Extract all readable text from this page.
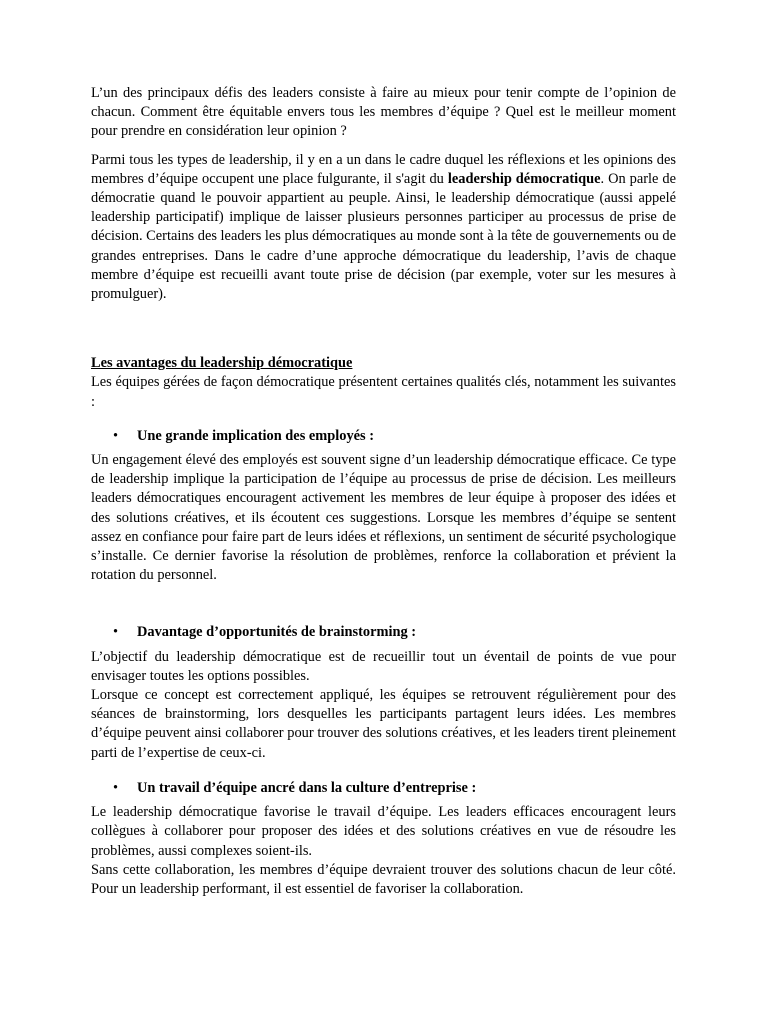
L’un des principaux défis des leaders consiste à faire au mieux pour tenir compte de l’opinion de chacun. Comment être équitable envers tous les membres d’équipe ? Quel est le meilleur moment pour prendre en considération leur opinion ?

Parmi tous les types de leadership, il y en a un dans le cadre duquel les réflexions et les opinions des membres d’équipe occupent une place fulgurante, il s'agit du leadership démocratique. On parle de démocratie quand le pouvoir appartient au peuple. Ainsi, le leadership démocratique (aussi appelé leadership participatif) implique de laisser plusieurs personnes participer au processus de prise de décision. Certains des leaders les plus démocratiques au monde sont à la tête de gouvernements ou de grandes entreprises. Dans le cadre d’une approche démocratique du leadership, l’avis de chaque membre d’équipe est recueilli avant toute prise de décision (par exemple, voter sur les mesures à promulguer).

Les avantages du leadership démocratique

Les équipes gérées de façon démocratique présentent certaines qualités clés, notamment les suivantes :

•	Une grande implication des employés :

Un engagement élevé des employés est souvent signe d’un leadership démocratique efficace. Ce type de leadership implique la participation de l’équipe au processus de prise de décision. Les meilleurs leaders démocratiques encouragent activement les membres de leur équipe à proposer des idées et des solutions créatives, et ils écoutent ces suggestions. Lorsque les membres d’équipe se sentent assez en confiance pour faire part de leurs idées et réflexions, un sentiment de sécurité psychologique s’installe. Ce dernier favorise la résolution de problèmes, renforce la collaboration et prévient la rotation du personnel.

•	Davantage d’opportunités de brainstorming :

L’objectif du leadership démocratique est de recueillir tout un éventail de points de vue pour envisager toutes les options possibles.

Lorsque ce concept est correctement appliqué, les équipes se retrouvent régulièrement pour des séances de brainstorming, lors desquelles les participants partagent leurs idées. Les membres d’équipe peuvent ainsi collaborer pour trouver des solutions créatives, et les leaders tirent pleinement parti de l’expertise de ceux-ci.

•	Un travail d’équipe ancré dans la culture d’entreprise :

Le leadership démocratique favorise le travail d’équipe. Les leaders efficaces encouragent leurs collègues à collaborer pour proposer des idées et des solutions créatives en vue de résoudre les problèmes, aussi complexes soient-ils.

Sans cette collaboration, les membres d’équipe devraient trouver des solutions chacun de leur côté. Pour un leadership performant, il est essentiel de favoriser la collaboration.
